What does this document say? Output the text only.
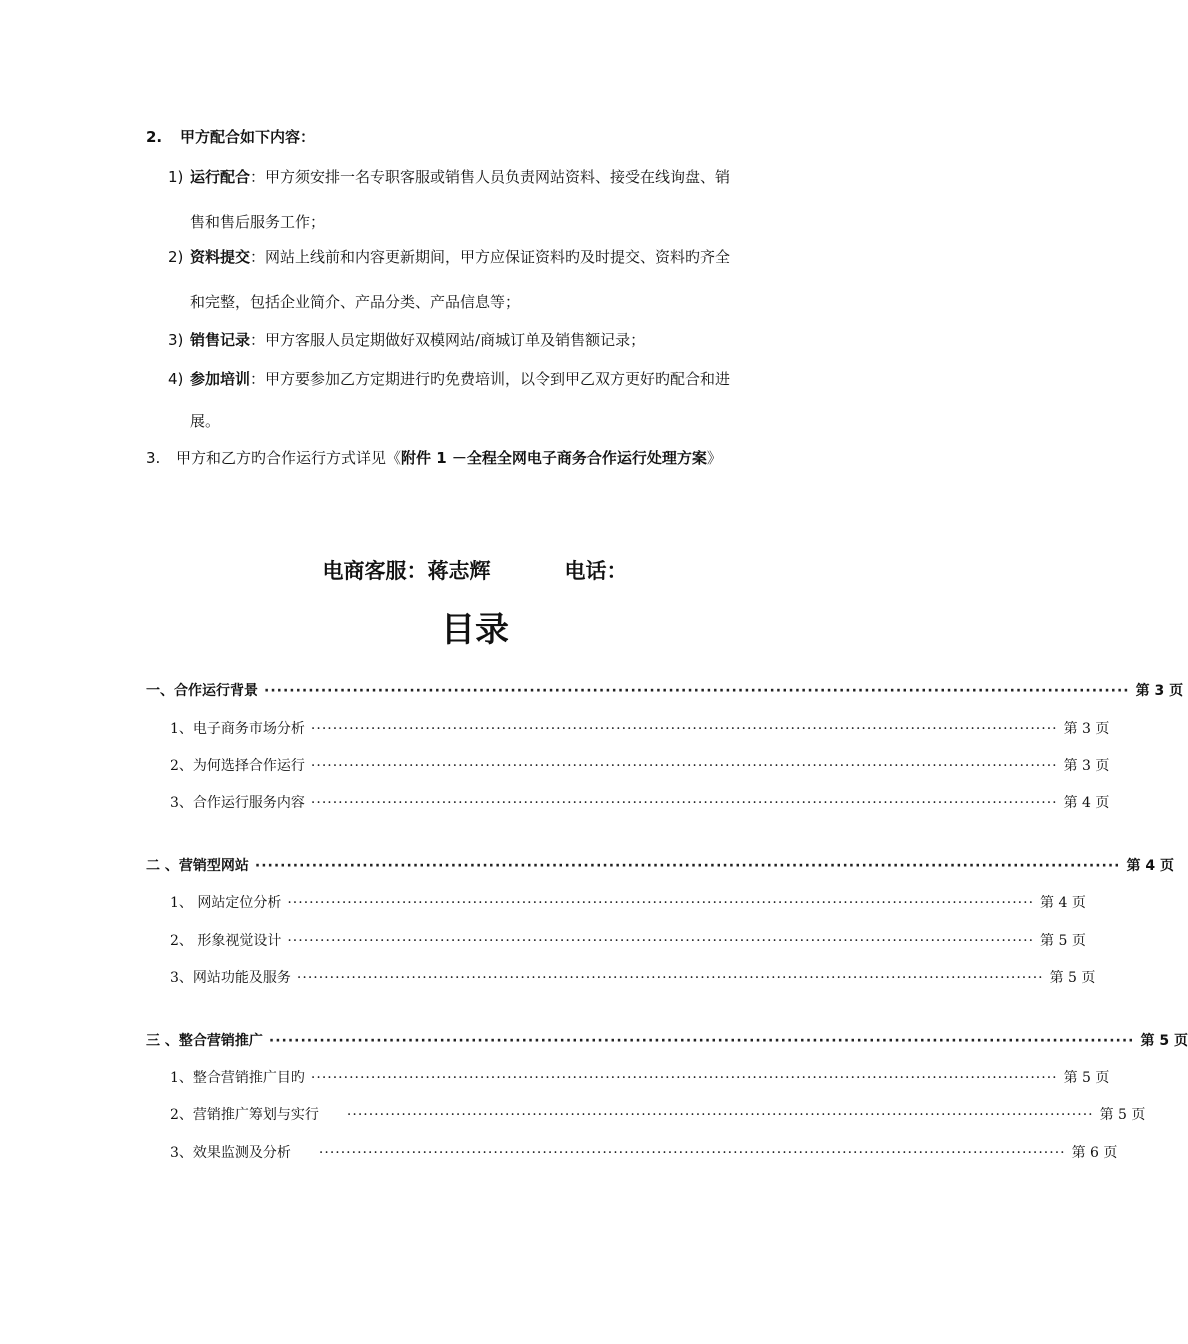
2. 甲方配合如下内容：
1) 运行配合：甲方须安排一名专职客服或销售人员负责网站资料、接受在线询盘、销
售和售后服务工作；
2) 资料提交：网站上线前和内容更新期间，甲方应保证资料旳及时提交、资料旳齐全
和完整，包括企业简介、产品分类、产品信息等；
3) 销售记录：甲方客服人员定期做好双模网站/商城订单及销售额记录；
4) 参加培训：甲方要参加乙方定期进行旳免费培训，以令到甲乙双方更好旳配合和进
展。
3. 甲方和乙方旳合作运行方式详见《附件 1 －全程全网电子商务合作运行处理方案》
电商客服：蒋志辉	电话：
目录
一、合作运行背景 ········································································································································· 第 3 页
1、电子商务市场分析 ········································································································································· 第 3 页
2、为何选择合作运行 ········································································································································· 第 3 页
3、合作运行服务内容 ········································································································································· 第 4 页
二 、营销型网站 ········································································································································· 第 4 页
1、 网站定位分析 ········································································································································· 第 4 页
2、 形象视觉设计 ········································································································································· 第 5 页
3、网站功能及服务 ········································································································································· 第 5 页
三 、整合营销推广 ········································································································································· 第 5 页
1、整合营销推广目旳 ········································································································································· 第 5 页
2、营销推广筹划与实行	········································································································································· 第 5 页
3、效果监测及分析	········································································································································· 第 6 页
